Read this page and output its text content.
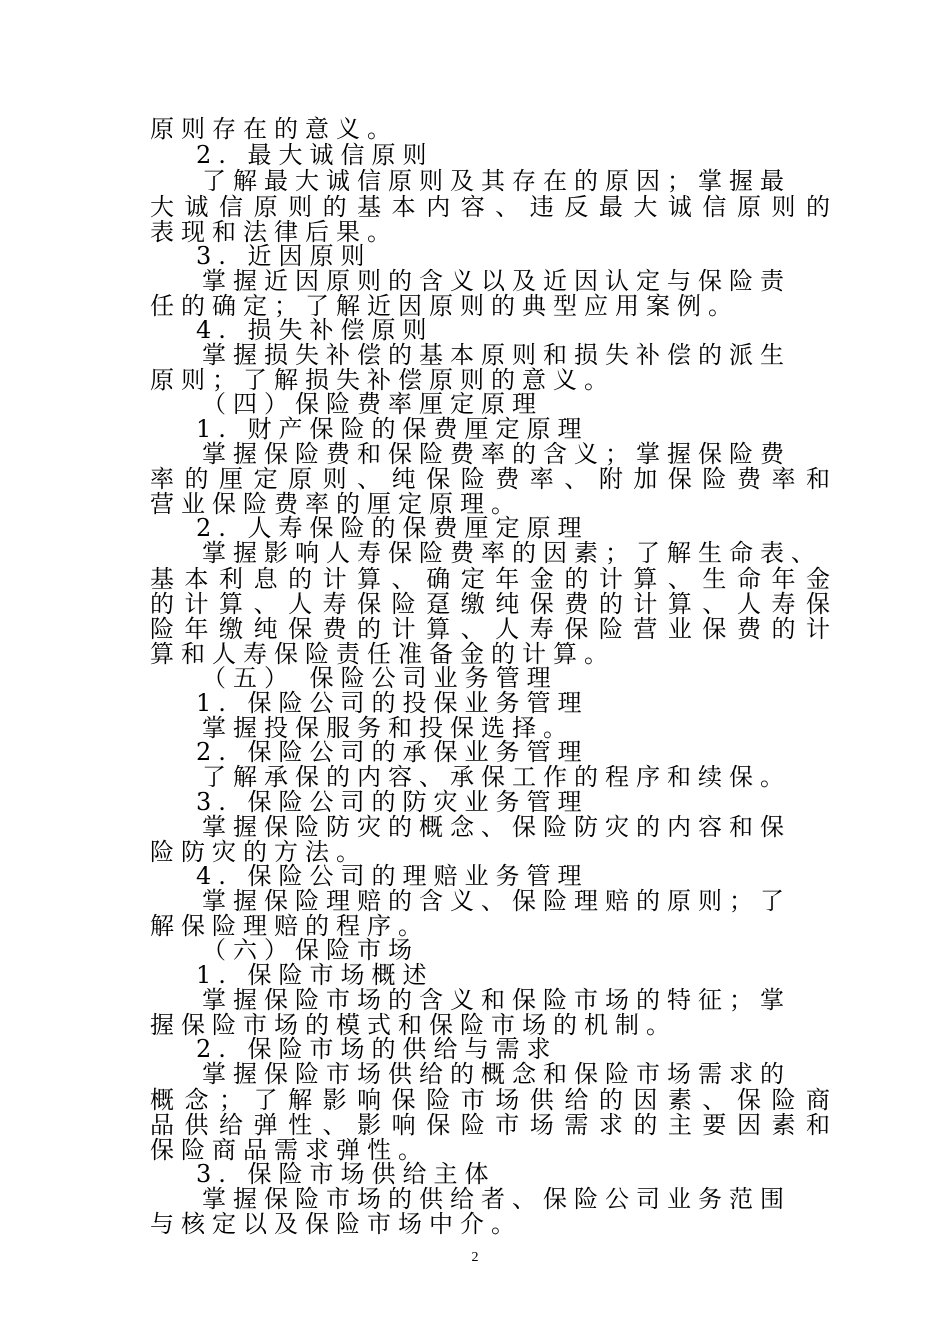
原则存在的意义。
2. 最大诚信原则
了解最大诚信原则及其存在的原因；掌握最
大诚信原则的基本内容、违反最大诚信原则的
表现和法律后果。
3. 近因原则
掌握近因原则的含义以及近因认定与保险责
任的确定；了解近因原则的典型应用案例。
4. 损失补偿原则
掌握损失补偿的基本原则和损失补偿的派生
原则；了解损失补偿原则的意义。
（四）保险费率厘定原理
1. 财产保险的保费厘定原理
掌握保险费和保险费率的含义；掌握保险费
率的厘定原则、纯保险费率、附加保险费率和
营业保险费率的厘定原理。
2. 人寿保险的保费厘定原理
掌握影响人寿保险费率的因素；了解生命表、
基本利息的计算、确定年金的计算、生命年金
的计算、人寿保险趸缴纯保费的计算、人寿保
险年缴纯保费的计算、人寿保险营业保费的计
算和人寿保险责任准备金的计算。
（五） 保险公司业务管理
1. 保险公司的投保业务管理
掌握投保服务和投保选择。
2. 保险公司的承保业务管理
了解承保的内容、承保工作的程序和续保。
3. 保险公司的防灾业务管理
掌握保险防灾的概念、保险防灾的内容和保
险防灾的方法。
4. 保险公司的理赔业务管理
掌握保险理赔的含义、保险理赔的原则；了
解保险理赔的程序。
（六）保险市场
1. 保险市场概述
掌握保险市场的含义和保险市场的特征；掌
握保险市场的模式和保险市场的机制。
2. 保险市场的供给与需求
掌握保险市场供给的概念和保险市场需求的
概念；了解影响保险市场供给的因素、保险商
品供给弹性、影响保险市场需求的主要因素和
保险商品需求弹性。
3. 保险市场供给主体
掌握保险市场的供给者、保险公司业务范围
与核定以及保险市场中介。
2
